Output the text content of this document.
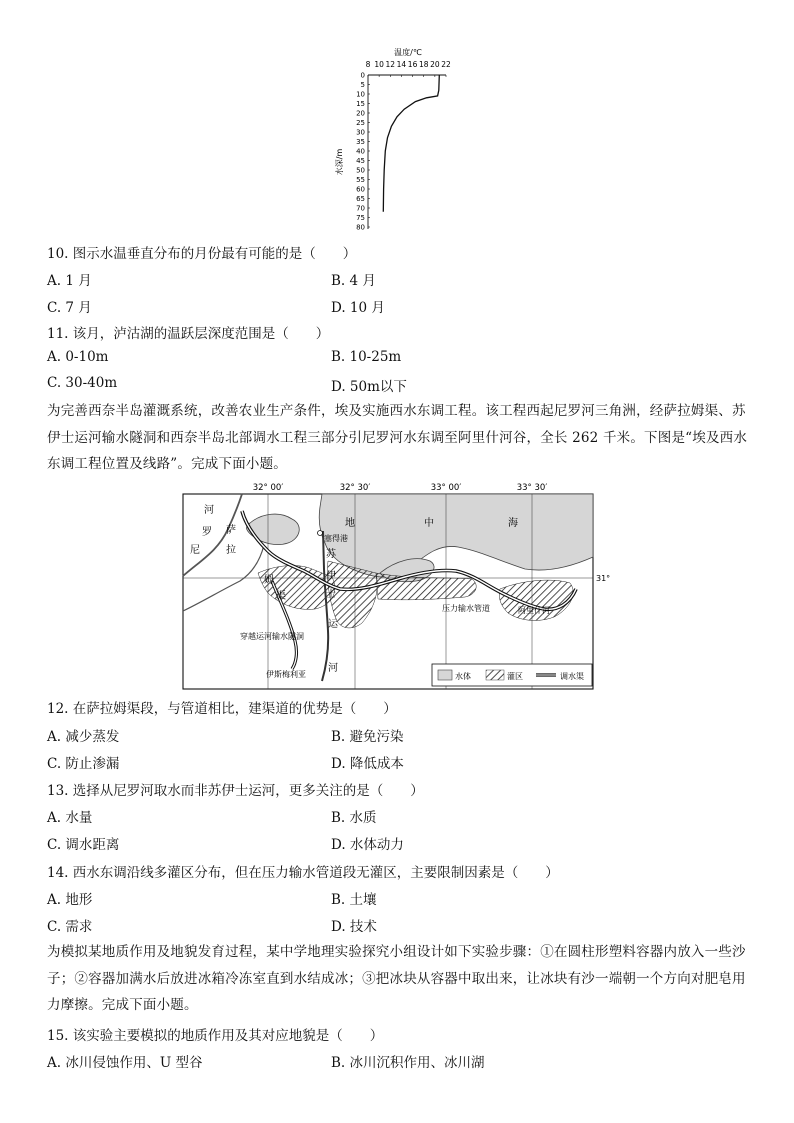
温度/℃
8 10 12 14 16 18 20 22
0
5
10
15
20
25
30
35
40
45
50
55
60
65
70
75
80
水深/m
10. 图示水温垂直分布的月份最有可能的是（　　）
A. 1 月	B. 4 月
C. 7 月	D. 10 月
11. 该月，泸沽湖的温跃层深度范围是（　　）
A. 0-10m	B. 10-25m
C. 30-40m	D. 50m以下
为完善西奈半岛灌溉系统，改善农业生产条件，埃及实施西水东调工程。该工程西起尼罗河三角洲，经萨拉姆渠、苏伊士运河输水隧洞和西奈半岛北部调水工程三部分引尼罗河水东调至阿里什河谷，全长 262 千米。下图是“埃及西水东调工程位置及线路”。完成下面小题。
32° 00′	32° 30′	33° 00′	33° 30′
地	中	海
31°
河
罗
尼
塞得港
苏
伊
士
运
河
萨
拉
姆
渠
穿越运河输水隧洞
伊斯梅利亚
压力输水管道	阿里什河
水体	灌区	调水渠
12. 在萨拉姆渠段，与管道相比，建渠道的优势是（　　）
A. 减少蒸发	B. 避免污染
C. 防止渗漏	D. 降低成本
13. 选择从尼罗河取水而非苏伊士运河，更多关注的是（　　）
A. 水量	B. 水质
C. 调水距离	D. 水体动力
14. 西水东调沿线多灌区分布，但在压力输水管道段无灌区，主要限制因素是（　　）
A. 地形	B. 土壤
C. 需求	D. 技术
为模拟某地质作用及地貌发育过程，某中学地理实验探究小组设计如下实验步骤：①在圆柱形塑料容器内放入一些沙子；②容器加满水后放进冰箱冷冻室直到水结成冰；③把冰块从容器中取出来，让冰块有沙一端朝一个方向对肥皂用力摩擦。完成下面小题。
15. 该实验主要模拟的地质作用及其对应地貌是（　　）
A. 冰川侵蚀作用、U 型谷	B. 冰川沉积作用、冰川湖
